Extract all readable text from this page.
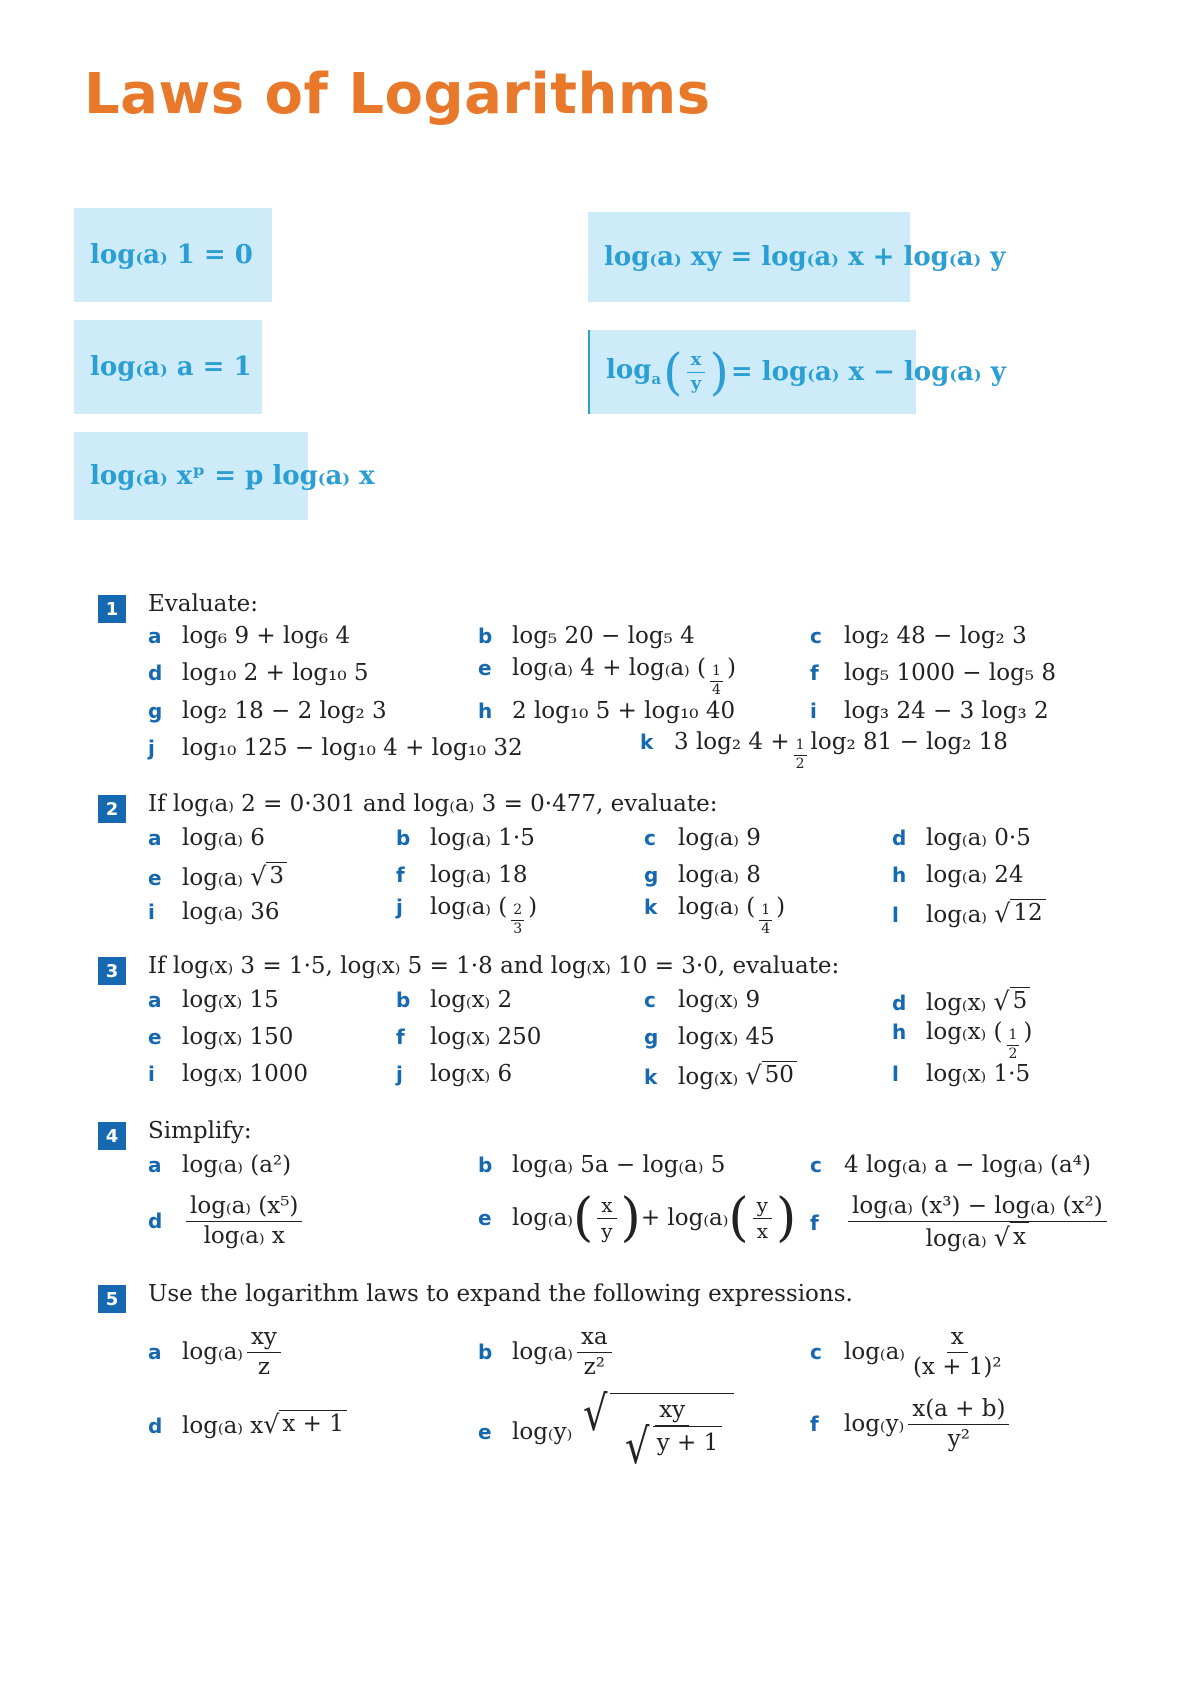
Laws of Logarithms
log₍a₎ 1 = 0
log₍a₎ a = 1
log₍a₎ xᵖ = p log₍a₎ x
log₍a₎ xy = log₍a₎ x + log₍a₎ y
$\log_a$ ( $\frac{x}{y}$ ) = log₍a₎ x − log₍a₎ y
1	Evaluate:
a log₆ 9 + log₆ 4	b log₅ 20 − log₅ 4	c log₂ 48 − log₂ 3
d log₁₀ 2 + log₁₀ 5	e log₍a₎ 4 + log₍a₎ ( $\frac{1}{4}$ )	f	log₅ 1000 − log₅ 8
g log₂ 18 − 2 log₂ 3	h 2 log₁₀ 5 + log₁₀ 40	i	log₃ 24 − 3 log₃ 2
j	log₁₀ 125 − log₁₀ 4 + log₁₀ 32	k 3 log₂ $4 + \frac{1}{2} \log_2$ 81 − log₂ 18
2	If log₍a₎ 2 = 0·301 and log₍a₎ 3 = 0·477, evaluate:
a log₍a₎ 6	b log₍a₎ 1·5	c log₍a₎ 9	d log₍a₎ 0·5
e log₍a₎
√ 3	f	log₍a₎ 18	g log₍a₎ 8	h log₍a₎ 24
i	log₍a₎ 36	j	log₍a₎ ( $\frac{2}{3}$ )	k log₍a₎ ( $\frac{1}{4}$ )	l	log₍a₎
√ 12
3	If log₍x₎ 3 = 1·5, log₍x₎ 5 = 1·8 and log₍x₎ 10 = 3·0, evaluate:
a log₍x₎ 15	b log₍x₎ 2	c log₍x₎ 9	d log₍x₎
√ 5
e log₍x₎ 150	f	log₍x₎ 250	g log₍x₎ 45	h log₍x₎ ( $\frac{1}{2}$ )
i	log₍x₎ 1000	j	log₍x₎ 6	k log₍x₎
√ 50	l	log₍x₎ 1·5
4	Simplify:
a log₍a₎ (a²)	b log₍a₎ 5a − log₍a₎ 5	c 4 log₍a₎ a − log₍a₎ (a⁴)
d	$\frac{\text{log₍a₎ (x⁵)}}{\log_(a_) x}$	e log₍a₎ ( $\frac{x}{y}$ ) + log₍a₎ ( $\frac{y}{x}$ ) f	$\frac{\text{log₍a₎ (x³) − log₍a₎ (x²)}}{\log_(a_) √ x}$
5	Use the logarithm laws to expand the following expressions.
a $\log_(a_) \frac{xy}{z}$	b $\log_(a_) \frac{xa}{\text{z²}}$	c $\log_(a_) \frac{x}{\text{(x + 1)²}}$
d log₍a₎ x √ x + 1	e log₍y₎
√ $\frac{xy}{√ y + 1}$	f	$\log_(y_) \frac{x(a + b)}{\text{y²}}$
